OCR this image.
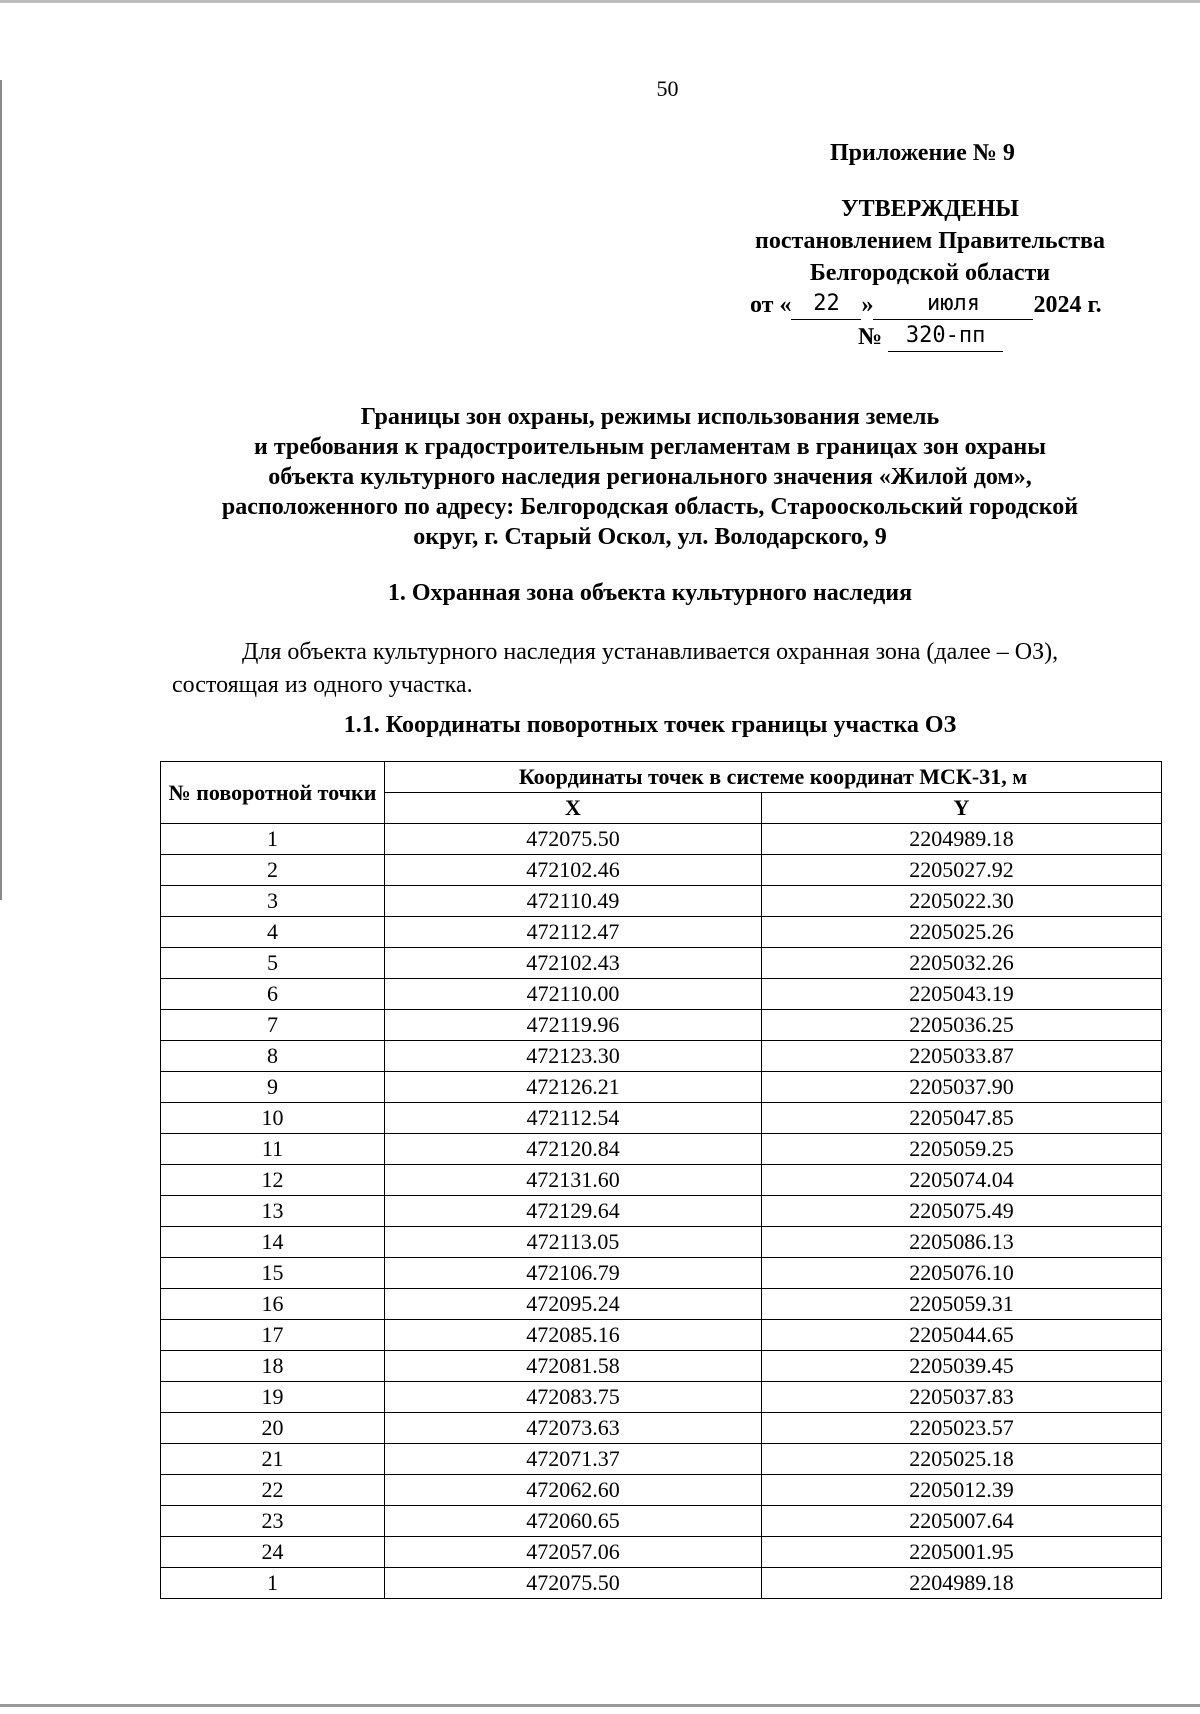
50
Приложение № 9
УТВЕРЖДЕНЫ
постановлением Правительства
Белгородской области
от « 22 » июля 2024 г.
№ 320-пп
Границы зон охраны, режимы использования земель
и требования к градостроительным регламентам в границах зон охраны
объекта культурного наследия регионального значения «Жилой дом»,
расположенного по адресу: Белгородская область, Старооскольский городской
округ, г. Старый Оскол, ул. Володарского, 9
1. Охранная зона объекта культурного наследия
Для объекта культурного наследия устанавливается охранная зона (далее – ОЗ), состоящая из одного участка.
1.1. Координаты поворотных точек границы участка ОЗ
№ поворотной точки	Координаты точек в системе координат МСК-31, м	
	X	Y
1	472075.50	2204989.18
2	472102.46	2205027.92
3	472110.49	2205022.30
4	472112.47	2205025.26
5	472102.43	2205032.26
6	472110.00	2205043.19
7	472119.96	2205036.25
8	472123.30	2205033.87
9	472126.21	2205037.90
10	472112.54	2205047.85
11	472120.84	2205059.25
12	472131.60	2205074.04
13	472129.64	2205075.49
14	472113.05	2205086.13
15	472106.79	2205076.10
16	472095.24	2205059.31
17	472085.16	2205044.65
18	472081.58	2205039.45
19	472083.75	2205037.83
20	472073.63	2205023.57
21	472071.37	2205025.18
22	472062.60	2205012.39
23	472060.65	2205007.64
24	472057.06	2205001.95
1	472075.50	2204989.18
